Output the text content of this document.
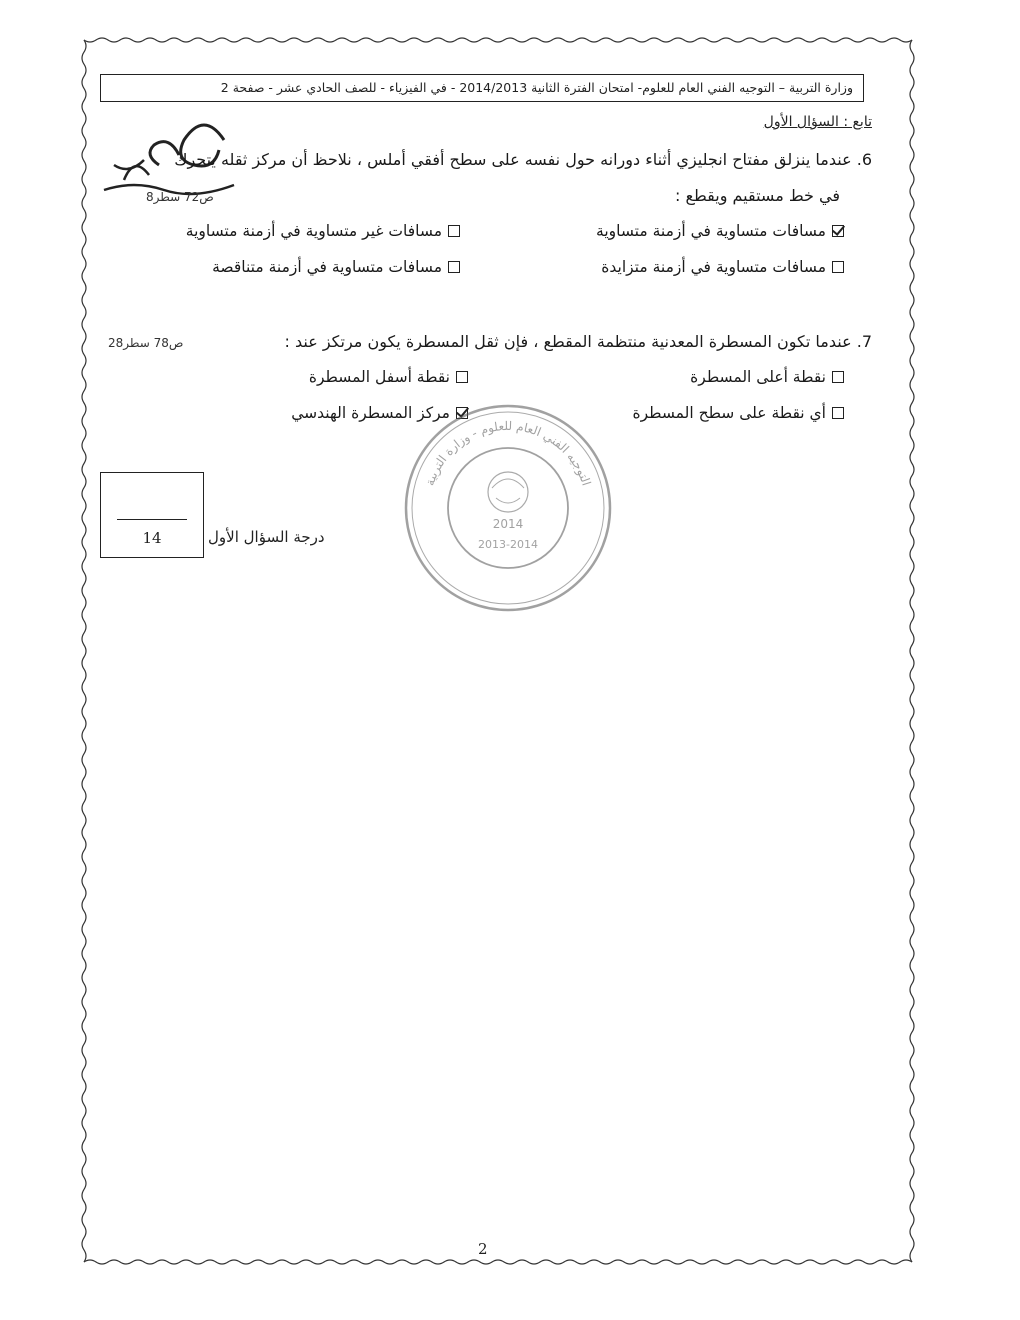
وزارة التربية – التوجيه الفني العام للعلوم- امتحان الفترة الثانية 2014/2013 - في الفيزياء - للصف الحادي عشر - صفحة 2
تابع : السؤال الأول
6. عندما ينزلق مفتاح انجليزي أثناء دورانه حول نفسه على سطح أفقي أملس ، نلاحظ أن مركز ثقله يتحرك
في خط مستقيم ويقطع :
ص72 سطر8
مسافات متساوية في أزمنة متساوية
مسافات غير متساوية في أزمنة متساوية
مسافات متساوية في أزمنة متزايدة
مسافات متساوية في أزمنة متناقصة
7. عندما تكون المسطرة المعدنية منتظمة المقطع ، فإن ثقل المسطرة يكون مرتكز عند :
ص78 سطر28
نقطة أعلى المسطرة
نقطة أسفل المسطرة
أي نقطة على سطح المسطرة
مركز المسطرة الهندسي
2014
2013-2014
التوجيه الفني العام للعلوم - وزارة التربية
14	درجة السؤال الأول
2
